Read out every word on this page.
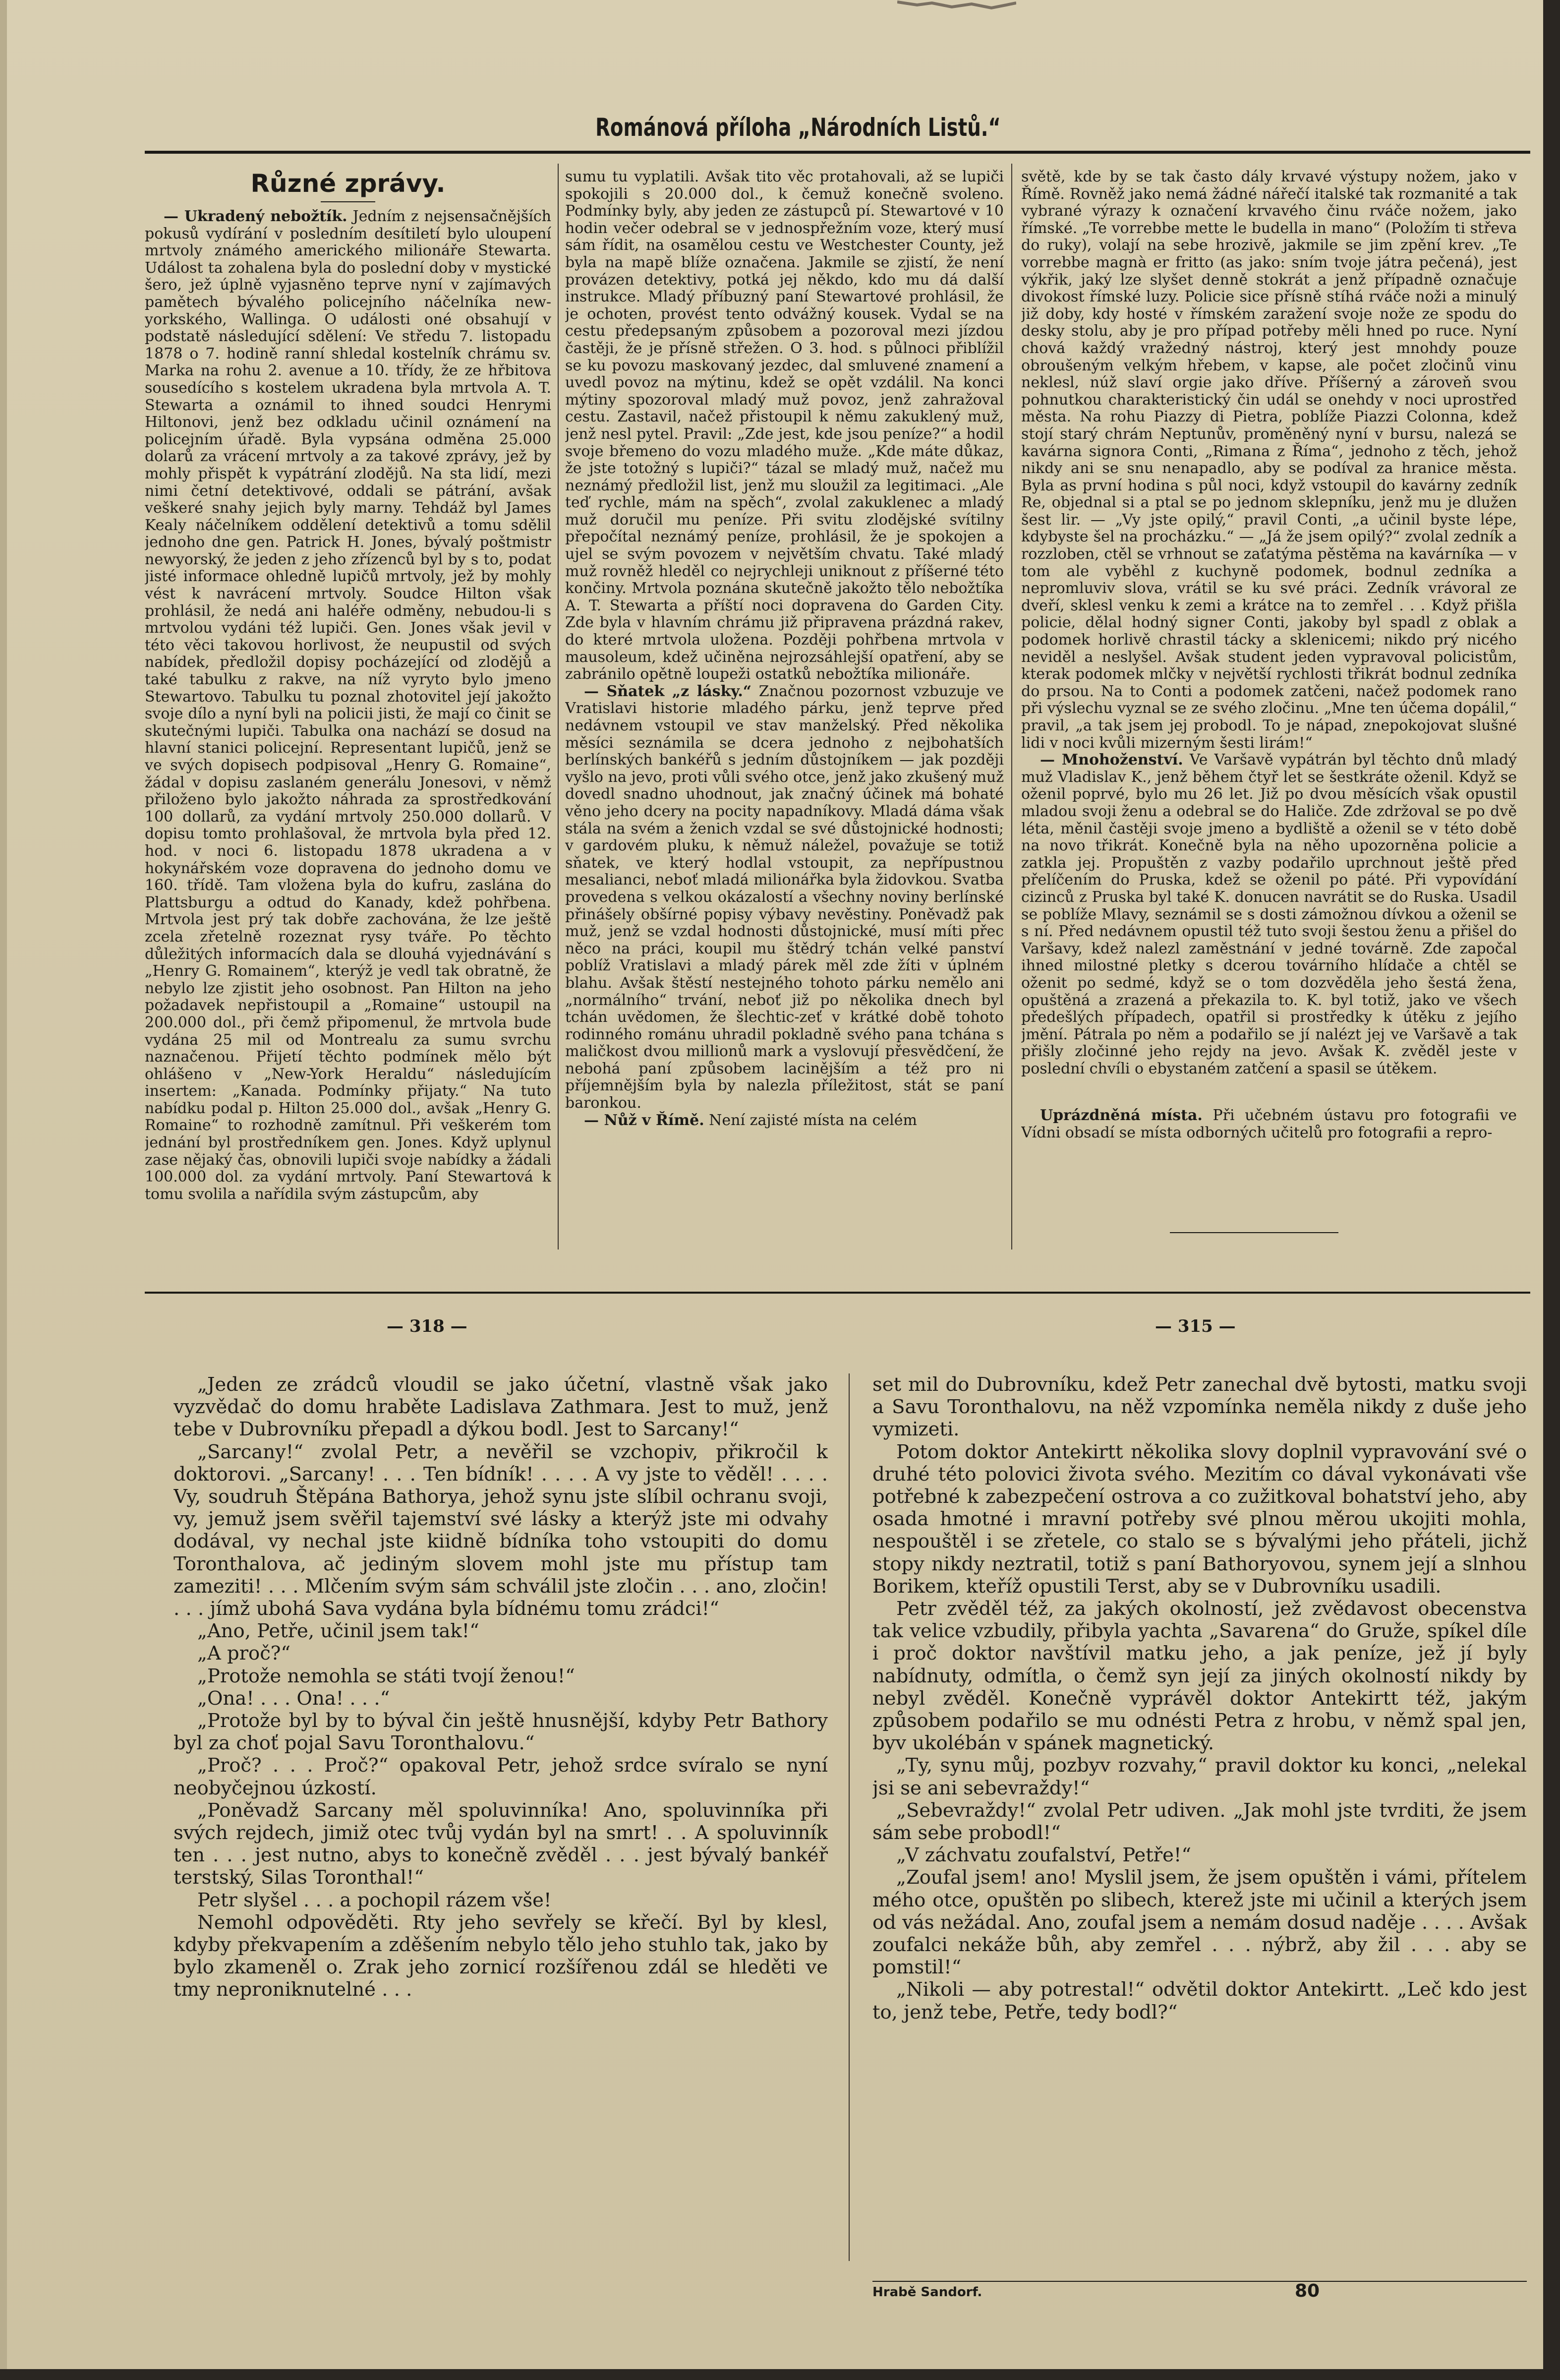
Románová příloha „Národních Listů.“
Různé zprávy.

— Ukradený nebožtík. Jedním z nejsensačnějších pokusů vydírání v posledním desítiletí bylo uloupení mrtvoly známého amerického milionáře Stewarta. Událost ta zohalena byla do poslední doby v mystické šero, jež úplně vyjasněno teprve nyní v zajímavých pamětech bývalého policejního náčelníka new-yorkského, Wallinga. O události oné obsahují v podstatě následující sdělení: Ve středu 7. listopadu 1878 o 7. hodině ranní shledal kostelník chrámu sv. Marka na rohu 2. avenue a 10. třídy, že ze hřbitova sousedícího s kostelem ukradena byla mrtvola A. T. Stewarta a oznámil to ihned soudci Henrymi Hiltonovi, jenž bez odkladu učinil oznámení na policejním úřadě. Byla vypsána odměna 25.000 dolarů za vrácení mrtvoly a za takové zprávy, jež by mohly přispět k vypátrání zlodějů. Na sta lidí, mezi nimi četní detektivové, oddali se pátrání, avšak veškeré snahy jejich byly marny. Tehdáž byl James Kealy náčelníkem oddělení detektivů a tomu sdělil jednoho dne gen. Patrick H. Jones, bývalý poštmistr newyorský, že jeden z jeho zřízenců byl by s to, podat jisté informace ohledně lupičů mrtvoly, jež by mohly vést k navrácení mrtvoly. Soudce Hilton však prohlásil, že nedá ani haléře odměny, nebudou-li s mrtvolou vydáni též lupiči. Gen. Jones však jevil v této věci takovou horlivost, že neupustil od svých nabídek, předložil dopisy pocházející od zlodějů a také tabulku z rakve, na níž vyryto bylo jmeno Stewartovo. Tabulku tu poznal zhotovitel její jakožto svoje dílo a nyní byli na policii jisti, že mají co činit se skutečnými lupiči. Tabulka ona nachází se dosud na hlavní stanici policejní. Representant lupičů, jenž se ve svých dopisech podpisoval „Henry G. Romaine“, žádal v dopisu zaslaném generálu Jonesovi, v němž přiloženo bylo jakožto náhrada za sprostředkování 100 dollarů, za vydání mrtvoly 250.000 dollarů. V dopisu tomto prohlašoval, že mrtvola byla před 12. hod. v noci 6. listopadu 1878 ukradena a v hokynářském voze dopravena do jednoho domu ve 160. třídě. Tam vložena byla do kufru, zaslána do Plattsburgu a odtud do Kanady, kdež pohřbena. Mrtvola jest prý tak dobře zachována, že lze ještě zcela zřetelně rozeznat rysy tváře. Po těchto důležitých informacích dala se dlouhá vyjednávání s „Henry G. Romainem“, kterýž je vedl tak obratně, že nebylo lze zjistit jeho osobnost. Pan Hilton na jeho požadavek nepřistoupil a „Romaine“ ustoupil na 200.000 dol., při čemž připomenul, že mrtvola bude vydána 25 mil od Montrealu za sumu svrchu naznačenou. Přijetí těchto podmínek mělo být ohlášeno v „New-York Heraldu“ následujícím insertem: „Kanada. Podmínky přijaty.“ Na tuto nabídku podal p. Hilton 25.000 dol., avšak „Henry G. Romaine“ to rozhodně zamítnul. Při veškerém tom jednání byl prostředníkem gen. Jones. Když uplynul zase nějaký čas, obnovili lupiči svoje nabídky a žádali 100.000 dol. za vydání mrtvoly. Paní Stewartová k tomu svolila a nařídila svým zástupcům, aby

sumu tu vyplatili. Avšak tito věc protahovali, až se lupiči spokojili s 20.000 dol., k čemuž konečně svoleno. Podmínky byly, aby jeden ze zástupců pí. Stewartové v 10 hodin večer odebral se v jednospřežním voze, který musí sám řídit, na osamělou cestu ve Westchester County, jež byla na mapě blíže označena. Jakmile se zjistí, že není provázen detektivy, potká jej někdo, kdo mu dá další instrukce. Mladý příbuzný paní Stewartové prohlásil, že je ochoten, provést tento odvážný kousek. Vydal se na cestu předepsaným způsobem a pozoroval mezi jízdou častěji, že je přísně střežen. O 3. hod. s půlnoci přiblížil se ku povozu maskovaný jezdec, dal smluvené znamení a uvedl povoz na mýtinu, kdež se opět vzdálil. Na konci mýtiny spozoroval mladý muž povoz, jenž zahražoval cestu. Zastavil, načež přistoupil k němu zakuklený muž, jenž nesl pytel. Pravil: „Zde jest, kde jsou peníze?“ a hodil svoje břemeno do vozu mladého muže. „Kde máte důkaz, že jste totožný s lupiči?“ tázal se mladý muž, načež mu neznámý předložil list, jenž mu sloužil za legitimaci. „Ale teď rychle, mám na spěch“, zvolal zakuklenec a mladý muž doručil mu peníze. Při svitu zlodějské svítilny přepočítal neznámý peníze, prohlásil, že je spokojen a ujel se svým povozem v největším chvatu. Také mladý muž rovněž hleděl co nejrychleji uniknout z příšerné této končiny. Mrtvola poznána skutečně jakožto tělo nebožtíka A. T. Stewarta a příští noci dopravena do Garden City. Zde byla v hlavním chrámu již připravena prázdná rakev, do které mrtvola uložena. Později pohřbena mrtvola v mausoleum, kdež učiněna nejrozsáhlejší opatření, aby se zabránilo opětně loupeži ostatků nebožtíka milionáře.

— Sňatek „z lásky.“ Značnou pozornost vzbuzuje ve Vratislavi historie mladého párku, jenž teprve před nedávnem vstoupil ve stav manželský. Před několika měsíci seznámila se dcera jednoho z nejbohatších berlínských bankéřů s jedním důstojníkem — jak později vyšlo na jevo, proti vůli svého otce, jenž jako zkušený muž dovedl snadno uhodnout, jak značný účinek má bohaté věno jeho dcery na pocity napadníkovy. Mladá dáma však stála na svém a ženich vzdal se své důstojnické hodnosti; v gardovém pluku, k němuž náležel, považuje se totiž sňatek, ve který hodlal vstoupit, za nepřípustnou mesalianci, neboť mladá milionářka byla židovkou. Svatba provedena s velkou okázalostí a všechny noviny berlínské přinášely obšírné popisy výbavy nevěstiny. Poněvadž pak muž, jenž se vzdal hodnosti důstojnické, musí míti přec něco na práci, koupil mu štědrý tchán velké panství poblíž Vratislavi a mladý párek měl zde žíti v úplném blahu. Avšak štěstí nestejného tohoto párku nemělo ani „normálního“ trvání, neboť již po několika dnech byl tchán uvědomen, že šlechtic-zeť v krátké době tohoto rodinného románu uhradil pokladně svého pana tchána s maličkost dvou millionů mark a vyslovují přesvědčení, že nebohá paní způsobem lacinějším a též pro ni příjemnějším byla by nalezla příležitost, stát se paní baronkou.

— Nůž v Římě. Není zajisté místa na celém

světě, kde by se tak často dály krvavé výstupy nožem, jako v Římě. Rovněž jako nemá žádné nářečí italské tak rozmanité a tak vybrané výrazy k označení krvavého činu rváče nožem, jako římské. „Te vorrebbe mette le budella in mano“ (Položím ti střeva do ruky), volají na sebe hrozivě, jakmile se jim zpění krev. „Te vorrebbe magnà er fritto (as jako: sním tvoje játra pečená), jest výkřik, jaký lze slyšet denně stokrát a jenž případně označuje divokost římské luzy. Policie sice přísně stíhá rváče noži a minulý již doby, kdy hosté v římském zaražení svoje nože ze spodu do desky stolu, aby je pro případ potřeby měli hned po ruce. Nyní chová každý vražedný nástroj, který jest mnohdy pouze obroušeným velkým hřebem, v kapse, ale počet zločinů vinu neklesl, núž slaví orgie jako dříve. Příšerný a zároveň svou pohnutkou charakteristický čin udál se onehdy v noci uprostřed města. Na rohu Piazzy di Pietra, poblíže Piazzi Colonna, kdež stojí starý chrám Neptunův, proměněný nyní v bursu, nalezá se kavárna signora Conti, „Rimana z Říma“, jednoho z těch, jehož nikdy ani se snu nenapadlo, aby se podíval za hranice města. Byla as první hodina s půl noci, když vstoupil do kavárny zedník Re, objednal si a ptal se po jednom sklepníku, jenž mu je dlužen šest lir. — „Vy jste opilý,“ pravil Conti, „a učinil byste lépe, kdybyste šel na procházku.“ — „Já že jsem opilý?“ zvolal zedník a rozzloben, ctěl se vrhnout se zaťatýma pěstěma na kavárníka — v tom ale vyběhl z kuchyně podomek, bodnul zedníka a nepromluviv slova, vrátil se ku své práci. Zedník vrávoral ze dveří, sklesl venku k zemi a krátce na to zemřel . . . Když přišla policie, dělal hodný signer Conti, jakoby byl spadl z oblak a podomek horlivě chrastil tácky a sklenicemi; nikdo prý nicého neviděl a neslyšel. Avšak student jeden vypravoval policistům, kterak podomek mlčky v největší rychlosti třikrát bodnul zedníka do prsou. Na to Conti a podomek zatčeni, načež podomek rano při výslechu vyznal se ze svého zločinu. „Mne ten účema dopálil,“ pravil, „a tak jsem jej probodl. To je nápad, znepokojovat slušné lidi v noci kvůli mizerným šesti lirám!“

— Mnohoženství. Ve Varšavě vypátrán byl těchto dnů mladý muž Vladislav K., jenž během čtyř let se šestkráte oženil. Když se oženil poprvé, bylo mu 26 let. Již po dvou měsících však opustil mladou svoji ženu a odebral se do Haliče. Zde zdržoval se po dvě léta, měnil častěji svoje jmeno a bydliště a oženil se v této době na novo třikrát. Konečně byla na něho upozorněna policie a zatkla jej. Propuštěn z vazby podařilo uprchnout ještě před přelíčením do Pruska, kdež se oženil po páté. Při vypovídání cizinců z Pruska byl také K. donucen navrátit se do Ruska. Usadil se poblíže Mlavy, seznámil se s dosti zámožnou dívkou a oženil se s ní. Před nedávnem opustil též tuto svoji šestou ženu a přišel do Varšavy, kdež nalezl zaměstnání v jedné továrně. Zde započal ihned milostné pletky s dcerou továrního hlídače a chtěl se oženit po sedmé, když se o tom dozvěděla jeho šestá žena, opuštěná a zrazená a překazila to. K. byl totiž, jako ve všech předešlých případech, opatřil si prostředky k útěku z jejího jmění. Pátrala po něm a podařilo se jí nalézt jej ve Varšavě a tak přišly zločinné jeho rejdy na jevo. Avšak K. zvěděl jeste v poslední chvíli o ebystaném zatčení a spasil se útěkem.

Uprázdněná místa. Při učebném ústavu pro fotografii ve Vídni obsadí se místa odborných učitelů pro fotografii a repro-

— 318 —	— 315 —

„Jeden ze zrádců vloudil se jako účetní, vlastně však jako vyzvědač do domu hraběte Ladislava Zathmara. Jest to muž, jenž tebe v Dubrovníku přepadl a dýkou bodl. Jest to Sarcany!“

„Sarcany!“ zvolal Petr, a nevěřil se vzchopiv, přikročil k doktorovi. „Sarcany! . . . Ten bídník! . . . . A vy jste to věděl! . . . . Vy, soudruh Štěpána Bathorya, jehož synu jste slíbil ochranu svoji, vy, jemuž jsem svěřil tajemství své lásky a kterýž jste mi odvahy dodával, vy nechal jste kiidně bídníka toho vstoupiti do domu Toronthalova, ač jediným slovem mohl jste mu přístup tam zameziti! . . . Mlčením svým sám schválil jste zločin . . . ano, zločin! . . . jímž ubohá Sava vydána byla bídnému tomu zrádci!“

„Ano, Petře, učinil jsem tak!“

„A proč?“

„Protože nemohla se státi tvojí ženou!“

„Ona! . . . Ona! . . .“

„Protože byl by to býval čin ještě hnusnější, kdyby Petr Bathory byl za choť pojal Savu Toronthalovu.“

„Proč? . . . Proč?“ opakoval Petr, jehož srdce svíralo se nyní neobyčejnou úzkostí.

„Poněvadž Sarcany měl spoluvinníka! Ano, spoluvinníka při svých rejdech, jimiž otec tvůj vydán byl na smrt! . . A spoluvinník ten . . . jest nutno, abys to konečně zvěděl . . . jest bývalý bankéř terstský, Silas Toronthal!“

Petr slyšel . . . a pochopil rázem vše!

Nemohl odpověděti. Rty jeho sevřely se křečí. Byl by klesl, kdyby překvapením a zděšením nebylo tělo jeho stuhlo tak, jako by bylo zkameněl o. Zrak jeho zornicí rozšířenou zdál se hleděti ve tmy neproniknutelné . . .

set mil do Dubrovníku, kdež Petr zanechal dvě bytosti, matku svoji a Savu Toronthalovu, na něž vzpomínka neměla nikdy z duše jeho vymizeti.

Potom doktor Antekirtt několika slovy doplnil vypravování své o druhé této polovici života svého. Mezitím co dával vykonávati vše potřebné k zabezpečení ostrova a co zužitkoval bohatství jeho, aby osada hmotné i mravní potřeby své plnou měrou ukojiti mohla, nespouštěl i se zřetele, co stalo se s bývalými jeho přáteli, jichž stopy nikdy neztratil, totiž s paní Bathoryovou, synem její a slnhou Borikem, kteříž opustili Terst, aby se v Dubrovníku usadili.

Petr zvěděl též, za jakých okolností, jež zvědavost obecenstva tak velice vzbudily, přibyla yachta „Savarena“ do Gruže, spíkel díle i proč doktor navštívil matku jeho, a jak peníze, jež jí byly nabídnuty, odmítla, o čemž syn její za jiných okolností nikdy by nebyl zvěděl. Konečně vyprávěl doktor Antekirtt též, jakým způsobem podařilo se mu odnésti Petra z hrobu, v němž spal jen, byv ukolébán v spánek magnetický.

„Ty, synu můj, pozbyv rozvahy,“ pravil doktor ku konci, „nelekal jsi se ani sebevraždy!“

„Sebevraždy!“ zvolal Petr udiven. „Jak mohl jste tvrditi, že jsem sám sebe probodl!“

„V záchvatu zoufalství, Petře!“

„Zoufal jsem! ano! Myslil jsem, že jsem opuštěn i vámi, přítelem mého otce, opuštěn po slibech, kterež jste mi učinil a kterých jsem od vás nežádal. Ano, zoufal jsem a nemám dosud naděje . . . . Avšak zoufalci nekáže bůh, aby zemřel . . . nýbrž, aby žil . . . aby se pomstil!“

„Nikoli — aby potrestal!“ odvětil doktor Antekirtt. „Leč kdo jest to, jenž tebe, Petře, tedy bodl?“

Hrabě Sandorf.	80
